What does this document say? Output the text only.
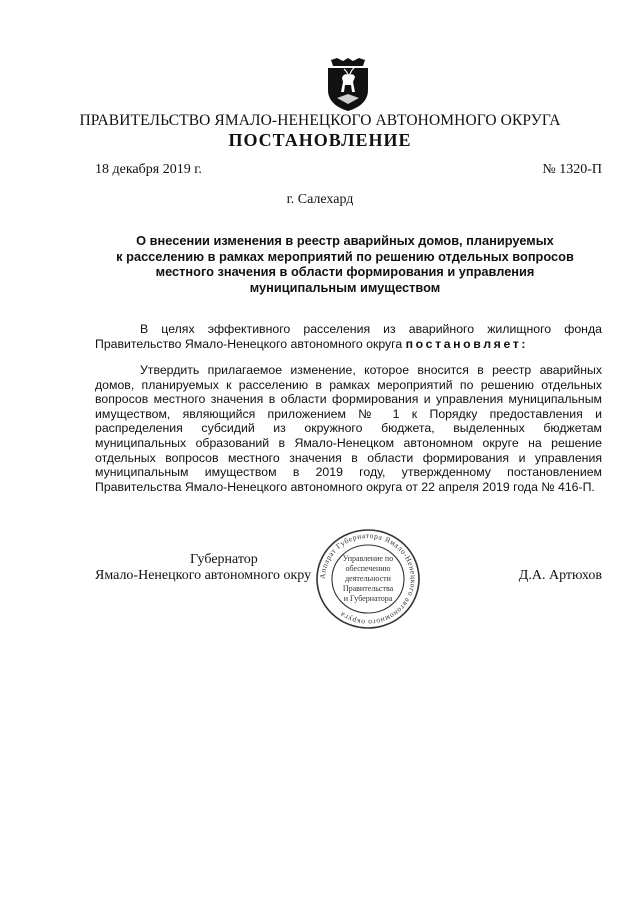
ПРАВИТЕЛЬСТВО ЯМАЛО-НЕНЕЦКОГО АВТОНОМНОГО ОКРУГА
ПОСТАНОВЛЕНИЕ
18 декабря 2019 г.	№ 1320-П
г. Салехард
О внесении изменения в реестр аварийных домов, планируемых
к расселению в рамках мероприятий по решению отдельных вопросов
местного значения в области формирования и управления
муниципальным имуществом
В целях эффективного расселения из аварийного жилищного фонда Правительство Ямало-Ненецкого автономного округа постановляет:
Утвердить прилагаемое изменение, которое вносится в реестр аварийных домов, планируемых к расселению в рамках мероприятий по решению отдельных вопросов местного значения в области формирования и управления муниципальным имуществом, являющийся приложением № 1 к Порядку предоставления и распределения субсидий из окружного бюджета, выделенных бюджетам муниципальных образований в Ямало-Ненецком автономном округе на решение отдельных вопросов местного значения в области формирования и управления муниципальным имуществом в 2019 году, утвержденному постановлением Правительства Ямало-Ненецкого автономного округа от 22 апреля 2019 года № 416-П.
Губернатор
Ямало-Ненецкого автономного окру	Д.А. Артюхов
Аппарат Губернатора Ямало-Ненецкого автономного округа
Управление по
обеспечению
деятельности
Правительства
и Губернатора
